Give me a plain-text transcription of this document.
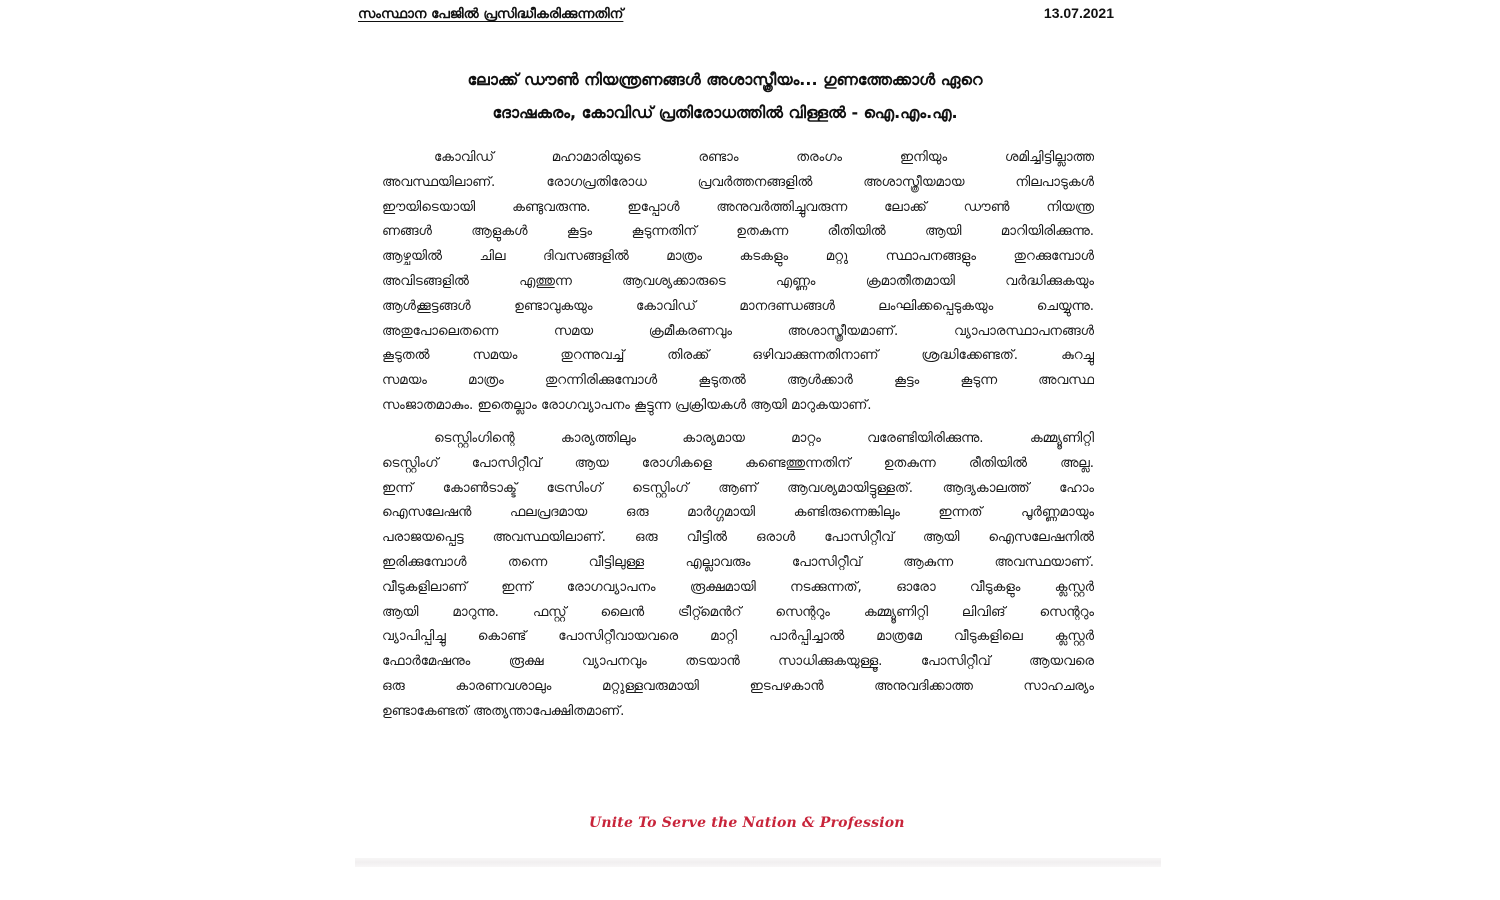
സംസ്ഥാന പേജിൽ പ്രസിദ്ധീകരിക്കുന്നതിന്	13.07.2021
ലോക്ക് ഡൗൺ നിയന്ത്രണങ്ങൾ അശാസ്ത്രീയം... ഗുണത്തേക്കാൾ ഏറെ
ദോഷകരം, കോവിഡ് പ്രതിരോധത്തിൽ വിള്ളൽ - ഐ.എം.എ.
കോവിഡ് മഹാമാരിയുടെ രണ്ടാം തരംഗം ഇനിയും ശമിച്ചിട്ടില്ലാത്ത
അവസ്ഥയിലാണ്. രോഗപ്രതിരോധ പ്രവർത്തനങ്ങളിൽ അശാസ്ത്രീയമായ നിലപാടുകൾ
ഈയിടെയായി കണ്ടുവരുന്നു. ഇപ്പോൾ അനുവർത്തിച്ചുവരുന്ന ലോക്ക് ഡൗൺ നിയന്ത്ര
ണങ്ങൾ ആളുകൾ കൂട്ടം കൂടുന്നതിന് ഉതകുന്ന രീതിയിൽ ആയി മാറിയിരിക്കുന്നു.
ആഴ്ചയിൽ ചില ദിവസങ്ങളിൽ മാത്രം കടകളും മറ്റു സ്ഥാപനങ്ങളും തുറക്കുമ്പോൾ
അവിടങ്ങളിൽ എത്തുന്ന ആവശ്യക്കാരുടെ എണ്ണം ക്രമാതീതമായി വർദ്ധിക്കുകയും
ആൾക്കൂട്ടങ്ങൾ ഉണ്ടാവുകയും കോവിഡ് മാനദണ്ഡങ്ങൾ ലംഘിക്കപ്പെടുകയും ചെയ്യുന്നു.
അതുപോലെതന്നെ സമയ ക്രമീകരണവും അശാസ്ത്രീയമാണ്. വ്യാപാരസ്ഥാപനങ്ങൾ
കൂടുതൽ സമയം തുറന്നുവച്ച് തിരക്ക് ഒഴിവാക്കുന്നതിനാണ് ശ്രദ്ധിക്കേണ്ടത്. കുറച്ചു
സമയം മാത്രം തുറന്നിരിക്കുമ്പോൾ കൂടുതൽ ആൾക്കാർ കൂട്ടം കൂടുന്ന അവസ്ഥ
സംജാതമാകും. ഇതെല്ലാം രോഗവ്യാപനം കൂട്ടുന്ന പ്രക്രിയകൾ ആയി മാറുകയാണ്.
ടെസ്റ്റിംഗിന്റെ കാര്യത്തിലും കാര്യമായ മാറ്റം വരേണ്ടിയിരിക്കുന്നു. കമ്മ്യൂണിറ്റി
ടെസ്റ്റിംഗ് പോസിറ്റീവ് ആയ രോഗികളെ കണ്ടെത്തുന്നതിന് ഉതകുന്ന രീതിയിൽ അല്ല.
ഇന്ന് കോൺടാക്ട് ട്രേസിംഗ് ടെസ്റ്റിംഗ് ആണ് ആവശ്യമായിട്ടുള്ളത്. ആദ്യകാലത്ത് ഹോം
ഐസലേഷൻ ഫലപ്രദമായ ഒരു മാർഗ്ഗമായി കണ്ടിരുന്നെങ്കിലും ഇന്നത് പൂർണ്ണമായും
പരാജയപ്പെട്ട അവസ്ഥയിലാണ്. ഒരു വീട്ടിൽ ഒരാൾ പോസിറ്റീവ് ആയി ഐസലേഷനിൽ
ഇരിക്കുമ്പോൾ തന്നെ വീട്ടിലുള്ള എല്ലാവരും പോസിറ്റീവ് ആകുന്ന അവസ്ഥയാണ്.
വീടുകളിലാണ് ഇന്ന് രോഗവ്യാപനം രൂക്ഷമായി നടക്കുന്നത്, ഓരോ വീടുകളും ക്ലസ്റ്റർ
ആയി മാറുന്നു. ഫസ്റ്റ് ലൈൻ ട്രീറ്റ്മെൻറ് സെന്ററും കമ്മ്യൂണിറ്റി ലിവിങ് സെന്ററും
വ്യാപിപ്പിച്ചു കൊണ്ട് പോസിറ്റീവായവരെ മാറ്റി പാർപ്പിച്ചാൽ മാത്രമേ വീടുകളിലെ ക്ലസ്റ്റർ
ഫോർമേഷനും രൂക്ഷ വ്യാപനവും തടയാൻ സാധിക്കുകയുള്ളൂ. പോസിറ്റീവ് ആയവരെ
ഒരു കാരണവശാലും മറ്റുള്ളവരുമായി ഇടപഴകാൻ അനുവദിക്കാത്ത സാഹചര്യം
ഉണ്ടാകേണ്ടത് അത്യന്താപേക്ഷിതമാണ്.
Unite To Serve the Nation & Profession
